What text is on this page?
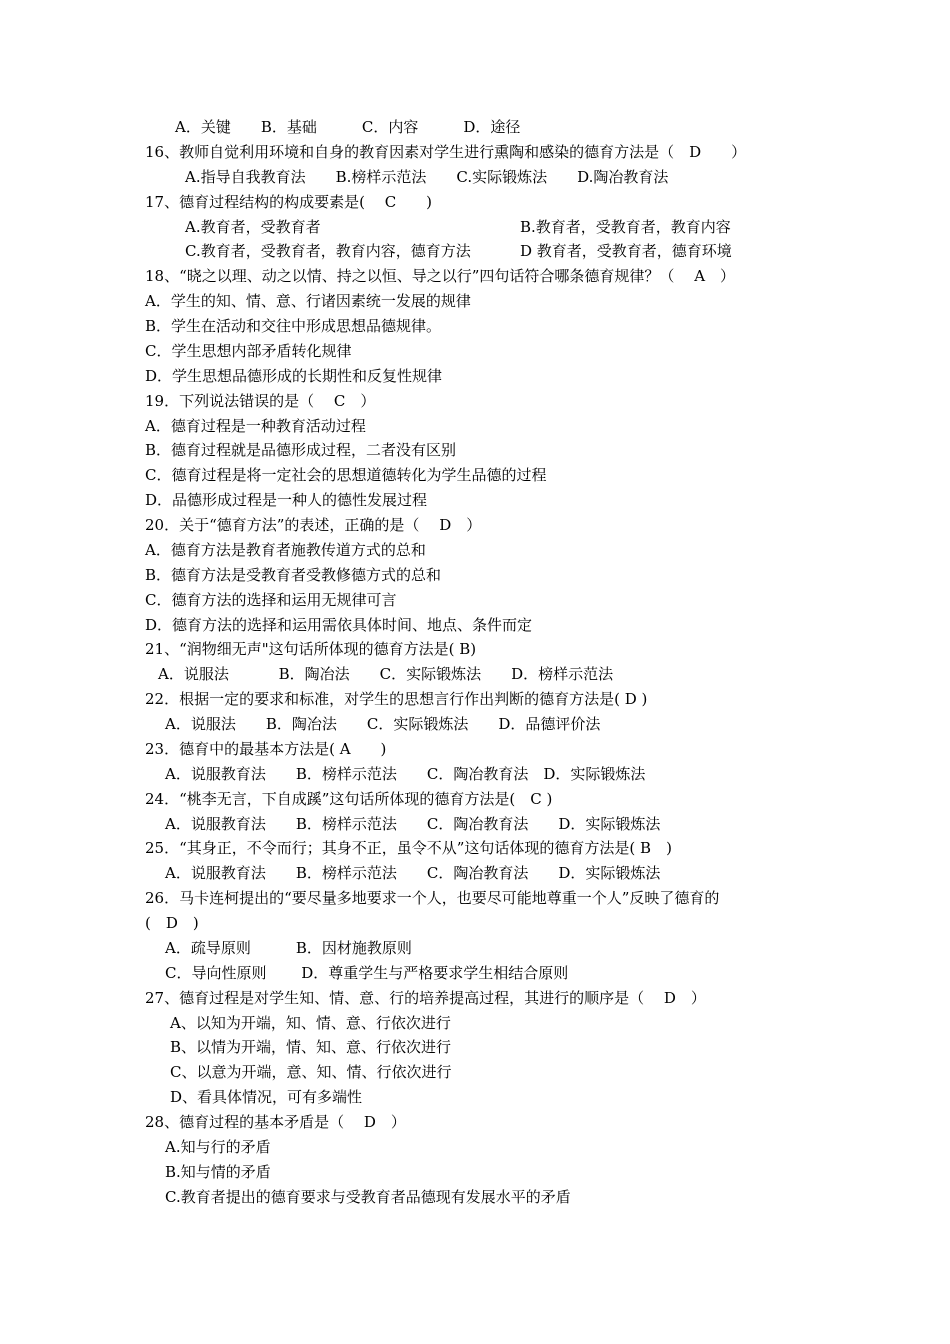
A．关键　　B．基础　　　C．内容　　　D．途径
16、教师自觉利用环境和自身的教育因素对学生进行熏陶和感染的德育方法是（　D　　）
A.指导自我教育法　　B.榜样示范法　　C.实际锻炼法　　D.陶冶教育法
17、德育过程结构的构成要素是(　 C　　)
A.教育者，受教育者	B.教育者，受教育者，教育内容
C.教育者，受教育者，教育内容，德育方法	D 教育者，受教育者，德育环境
18、“晓之以理、动之以情、持之以恒、导之以行”四句话符合哪条德育规律？（　 A　）
A．学生的知、情、意、行诸因素统一发展的规律
B．学生在活动和交往中形成思想品德规律。
C．学生思想内部矛盾转化规律
D．学生思想品德形成的长期性和反复性规律
19．下列说法错误的是（　 C　）
A．德育过程是一种教育活动过程
B．德育过程就是品德形成过程，二者没有区别
C．德育过程是将一定社会的思想道德转化为学生品德的过程
D．品德形成过程是一种人的德性发展过程
20．关于“德育方法”的表述，正确的是（　 D　）
A．德育方法是教育者施教传道方式的总和
B．德育方法是受教育者受教修德方式的总和
C．德育方法的选择和运用无规律可言
D．德育方法的选择和运用需依具体时间、地点、条件而定
21、“润物细无声"这句话所体现的德育方法是( B)
A．说服法　　　 B．陶冶法　　C．实际锻炼法　　D．榜样示范法
22．根据一定的要求和标准，对学生的思想言行作出判断的德育方法是( D )
A．说服法　　B．陶冶法　　C．实际锻炼法　　D．品德评价法
23．德育中的最基本方法是( A　　)
A．说服教育法　　B．榜样示范法　　C．陶冶教育法　D．实际锻炼法
24．“桃李无言，下自成蹊”这句话所体现的德育方法是(　C )
A．说服教育法　　B．榜样示范法　　C．陶冶教育法　　D．实际锻炼法
25．“其身正，不令而行；其身不正，虽令不从”这句话体现的德育方法是( B　)
A．说服教育法　　B．榜样示范法　　C．陶冶教育法　　D．实际锻炼法
26．马卡连柯提出的“要尽量多地要求一个人，也要尽可能地尊重一个人”反映了德育的
(　D　)
A．疏导原则　　　B．因材施教原则
C．导向性原则　　 D．尊重学生与严格要求学生相结合原则
27、德育过程是对学生知、情、意、行的培养提高过程，其进行的顺序是（　 D　）
A、以知为开端，知、情、意、行依次进行
B、以情为开端，情、知、意、行依次进行
C、以意为开端，意、知、情、行依次进行
D、看具体情况，可有多端性
28、德育过程的基本矛盾是（　 D　）
A.知与行的矛盾
B.知与情的矛盾
C.教育者提出的德育要求与受教育者品德现有发展水平的矛盾
